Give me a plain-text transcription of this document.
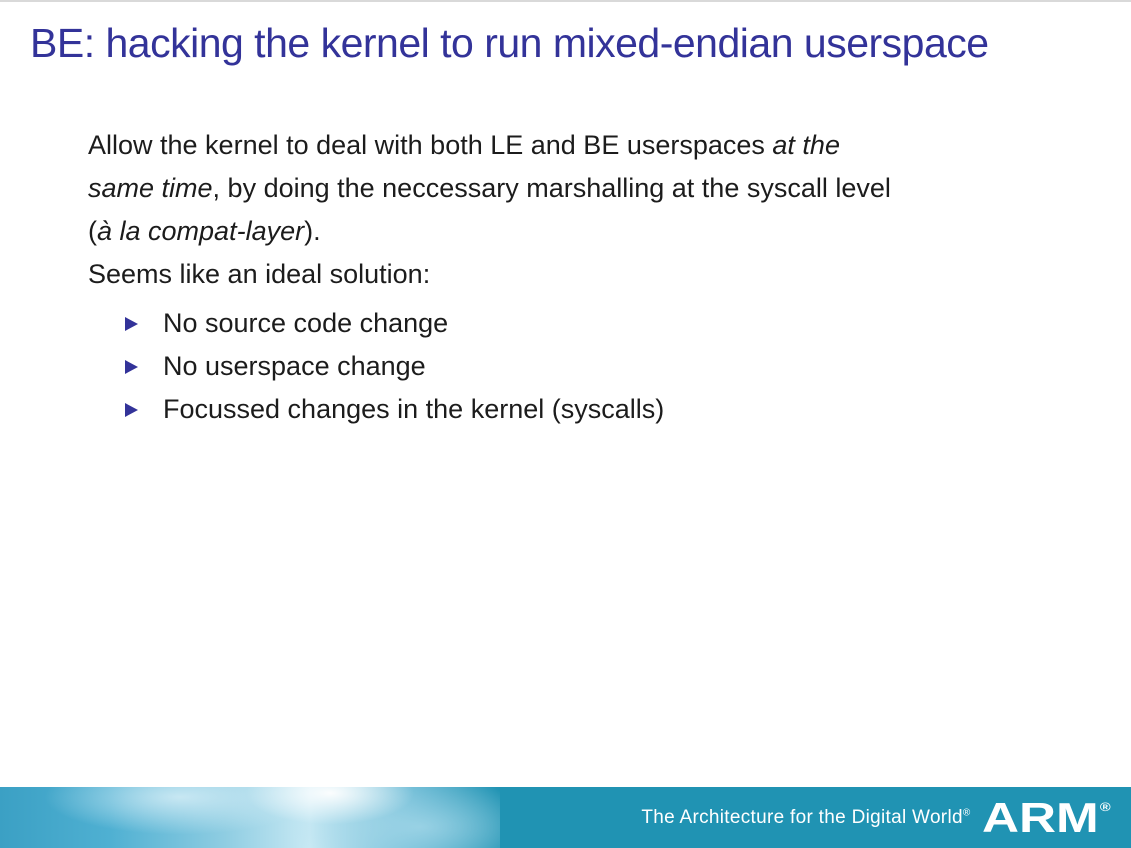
BE: hacking the kernel to run mixed-endian userspace
Allow the kernel to deal with both LE and BE userspaces at the
same time, by doing the neccessary marshalling at the syscall level
(à la compat-layer).
Seems like an ideal solution:
No source code change
No userspace change
Focussed changes in the kernel (syscalls)
The Architecture for the Digital World® ARM®
